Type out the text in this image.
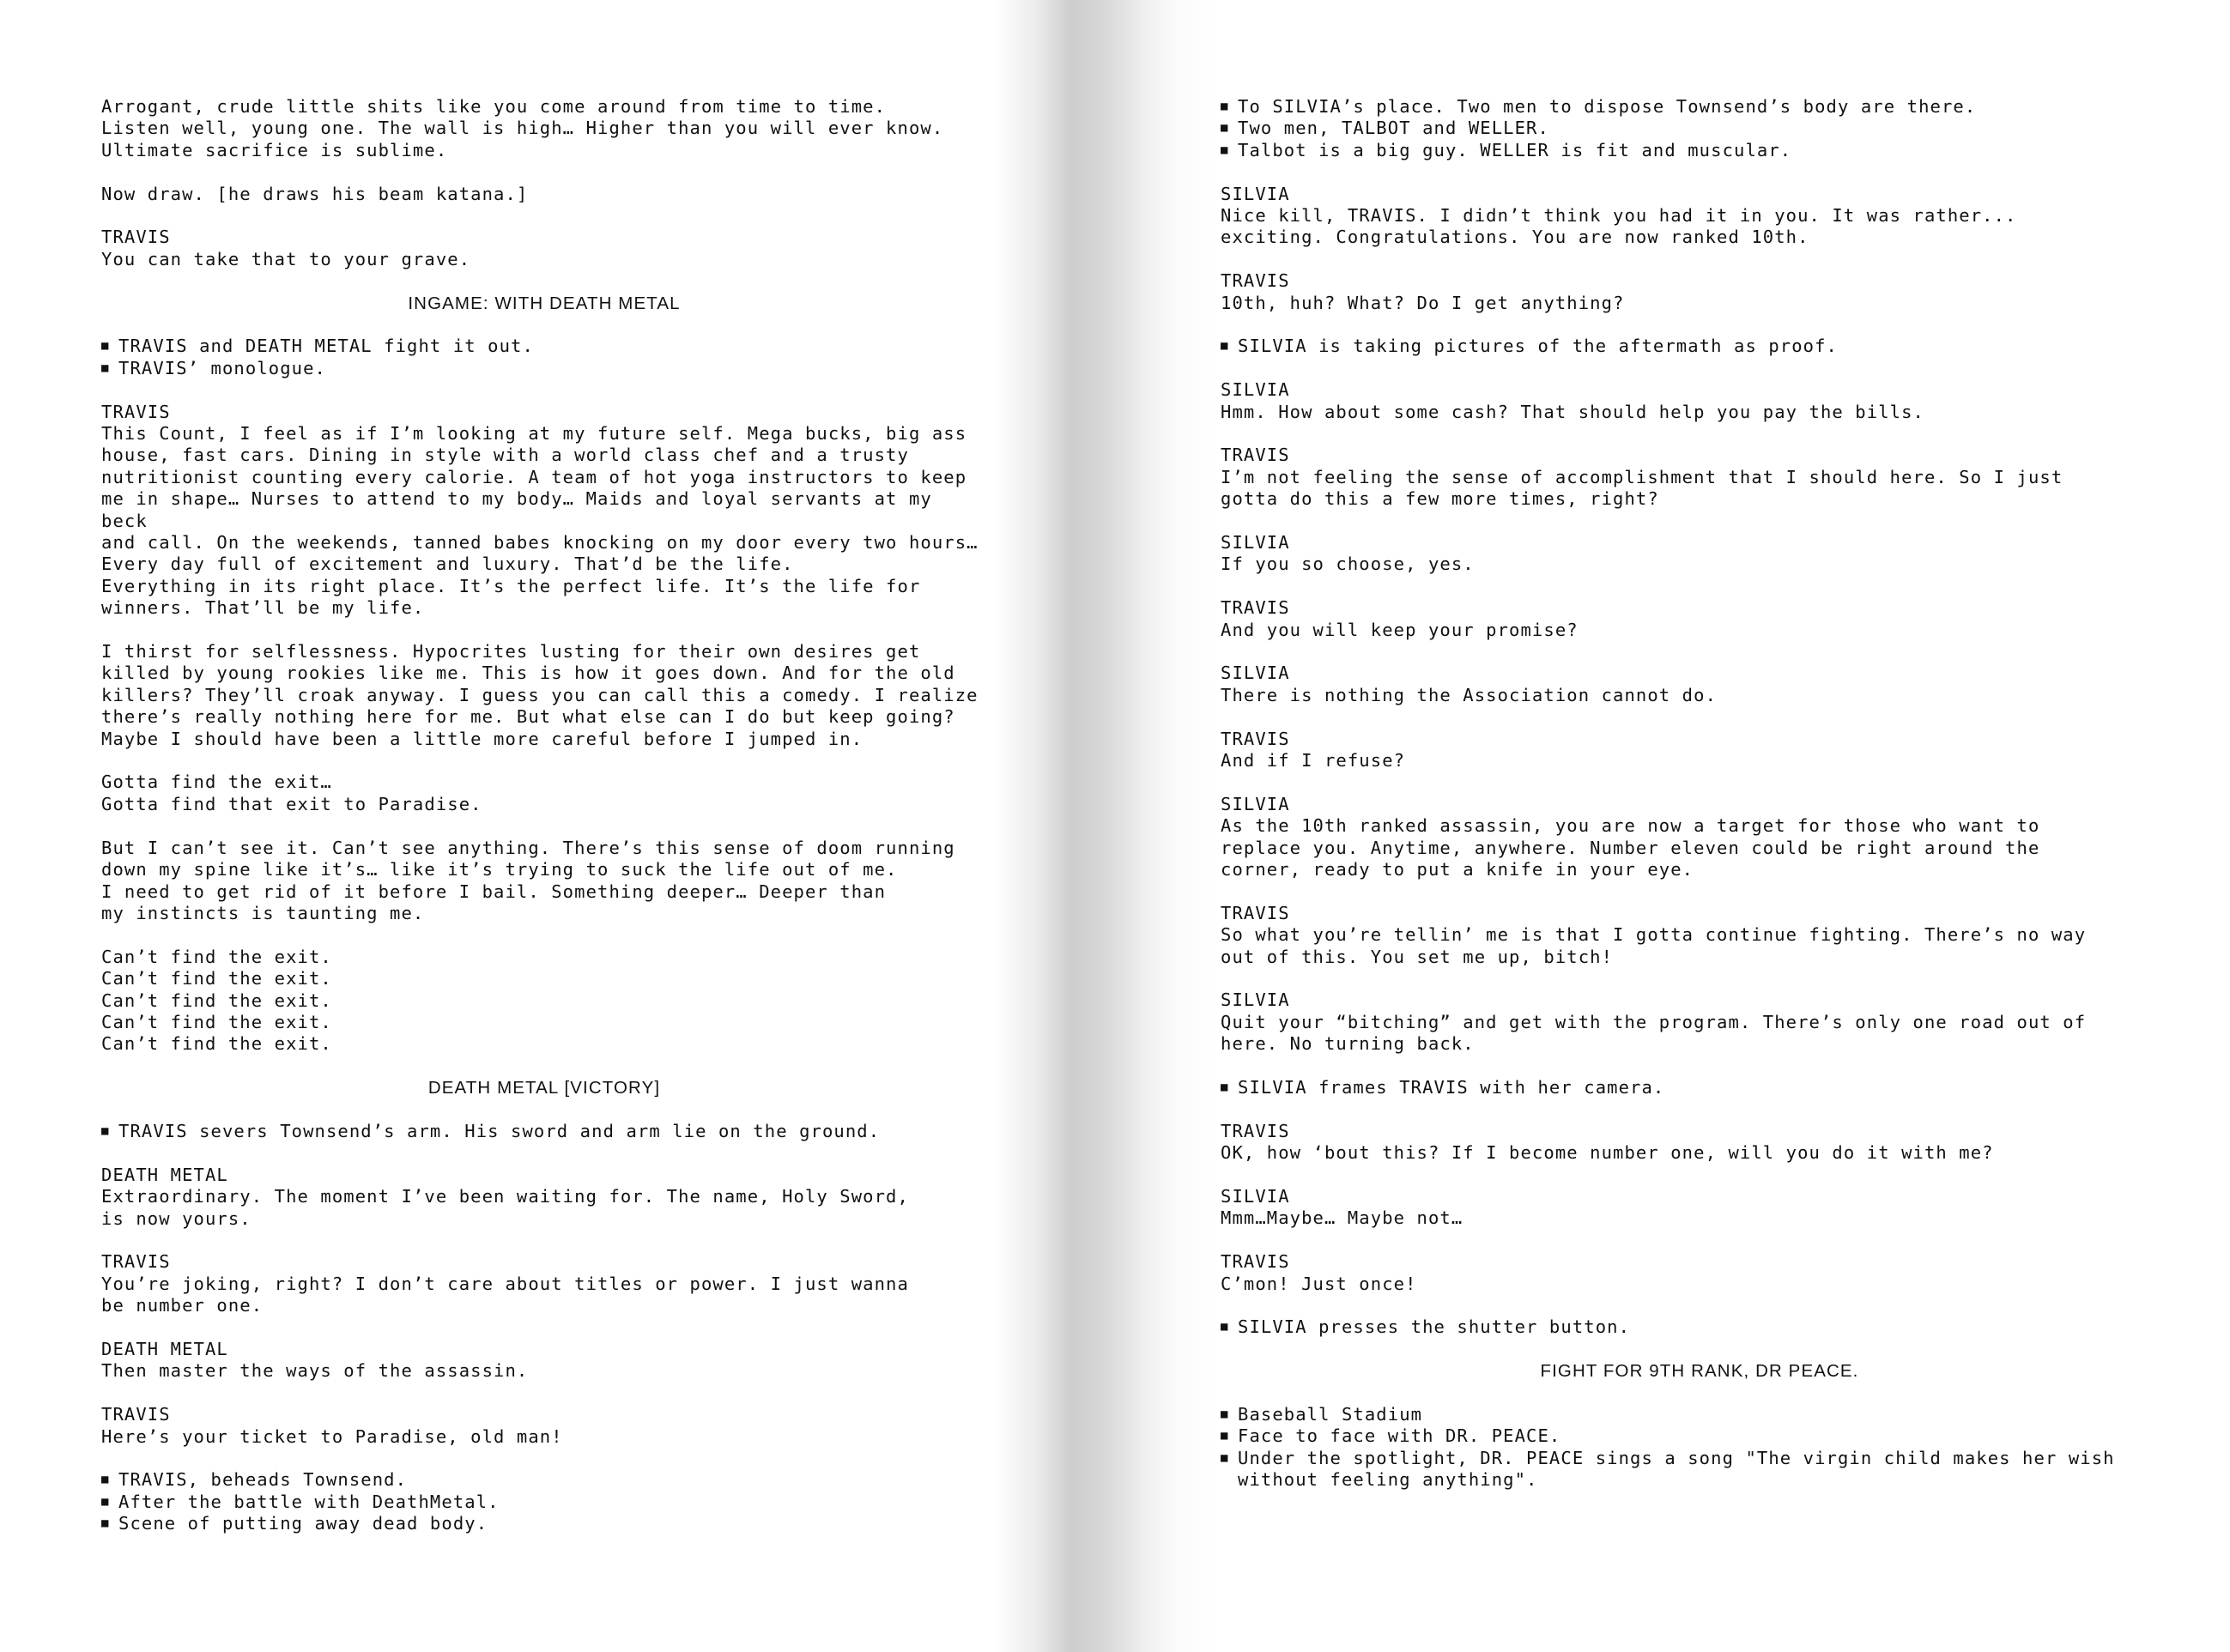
Arrogant, crude little shits like you come around from time to time.
Listen well, young one. The wall is high… Higher than you will ever know.
Ultimate sacrifice is sublime.
Now draw. [he draws his beam katana.]
TRAVIS
You can take that to your grave.
INGAME: WITH DEATH METAL
■ TRAVIS and DEATH METAL fight it out.
■ TRAVIS’ monologue.
TRAVIS
This Count, I feel as if I’m looking at my future self. Mega bucks, big ass
house, fast cars. Dining in style with a world class chef and a trusty
nutritionist counting every calorie. A team of hot yoga instructors to keep
me in shape… Nurses to attend to my body… Maids and loyal servants at my beck
and call. On the weekends, tanned babes knocking on my door every two hours…
Every day full of excitement and luxury. That’d be the life.
Everything in its right place. It’s the perfect life. It’s the life for
winners. That’ll be my life.
I thirst for selflessness. Hypocrites lusting for their own desires get
killed by young rookies like me. This is how it goes down. And for the old
killers? They’ll croak anyway. I guess you can call this a comedy. I realize
there’s really nothing here for me. But what else can I do but keep going?
Maybe I should have been a little more careful before I jumped in.
Gotta find the exit…
Gotta find that exit to Paradise.
But I can’t see it. Can’t see anything. There’s this sense of doom running
down my spine like it’s… like it’s trying to suck the life out of me.
I need to get rid of it before I bail. Something deeper… Deeper than
my instincts is taunting me.
Can’t find the exit.
Can’t find the exit.
Can’t find the exit.
Can’t find the exit.
Can’t find the exit.
DEATH METAL [VICTORY]
■ TRAVIS severs Townsend’s arm. His sword and arm lie on the ground.
DEATH METAL
Extraordinary. The moment I’ve been waiting for. The name, Holy Sword,
is now yours.
TRAVIS
You’re joking, right? I don’t care about titles or power. I just wanna
be number one.
DEATH METAL
Then master the ways of the assassin.
TRAVIS
Here’s your ticket to Paradise, old man!
■ TRAVIS, beheads Townsend.
■ After the battle with DeathMetal.
■ Scene of putting away dead body.
■ To SILVIA’s place. Two men to dispose Townsend’s body are there.
■ Two men, TALBOT and WELLER.
■ Talbot is a big guy. WELLER is fit and muscular.
SILVIA
Nice kill, TRAVIS. I didn’t think you had it in you. It was rather...
exciting. Congratulations. You are now ranked 10th.
TRAVIS
10th, huh? What? Do I get anything?
■ SILVIA is taking pictures of the aftermath as proof.
SILVIA
Hmm. How about some cash? That should help you pay the bills.
TRAVIS
I’m not feeling the sense of accomplishment that I should here. So I just
gotta do this a few more times, right?
SILVIA
If you so choose, yes.
TRAVIS
And you will keep your promise?
SILVIA
There is nothing the Association cannot do.
TRAVIS
And if I refuse?
SILVIA
As the 10th ranked assassin, you are now a target for those who want to
replace you. Anytime, anywhere. Number eleven could be right around the
corner, ready to put a knife in your eye.
TRAVIS
So what you’re tellin’ me is that I gotta continue fighting. There’s no way
out of this. You set me up, bitch!
SILVIA
Quit your “bitching” and get with the program. There’s only one road out of
here. No turning back.
■ SILVIA frames TRAVIS with her camera.
TRAVIS
OK, how ‘bout this? If I become number one, will you do it with me?
SILVIA
Mmm…Maybe… Maybe not…
TRAVIS
C’mon! Just once!
■ SILVIA presses the shutter button.
FIGHT FOR 9TH RANK, DR PEACE.
■ Baseball Stadium
■ Face to face with DR. PEACE.
■ Under the spotlight, DR. PEACE sings a song "The virgin child makes her wish
without feeling anything".
